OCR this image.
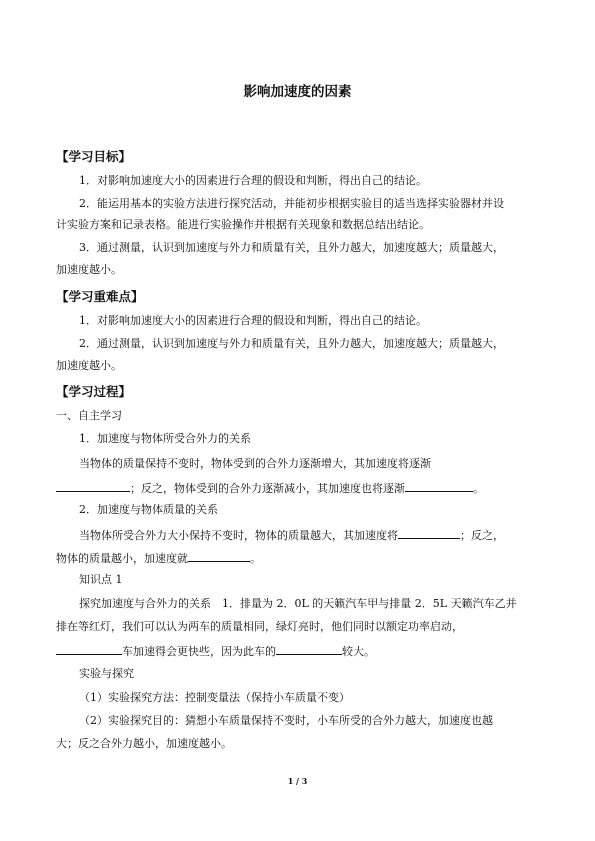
影响加速度的因素
【学习目标】
1．对影响加速度大小的因素进行合理的假设和判断，得出自己的结论。
2．能运用基本的实验方法进行探究活动，并能初步根据实验目的适当选择实验器材并设
计实验方案和记录表格。能进行实验操作并根据有关现象和数据总结出结论。
3．通过测量，认识到加速度与外力和质量有关，且外力越大，加速度越大；质量越大，
加速度越小。
【学习重难点】
1．对影响加速度大小的因素进行合理的假设和判断，得出自己的结论。
2．通过测量，认识到加速度与外力和质量有关，且外力越大，加速度越大；质量越大，
加速度越小。
【学习过程】
一、自主学习
1．加速度与物体所受合外力的关系
当物体的质量保持不变时，物体受到的合外力逐渐增大，其加速度将逐渐
；反之，物体受到的合外力逐渐减小，其加速度也将逐渐	。
2．加速度与物体质量的关系
当物体所受合外力大小保持不变时，物体的质量越大，其加速度将	；反之，
物体的质量越小，加速度就	。
知识点 1
探究加速度与合外力的关系　1．排量为 2．0L 的天籁汽车甲与排量 2．5L 天籁汽车乙并
排在等红灯，我们可以认为两车的质量相同，绿灯亮时，他们同时以额定功率启动，
车加速得会更快些，因为此车的	较大。
实验与探究
（1）实验探究方法：控制变量法（保持小车质量不变）
（2）实验探究目的：猜想小车质量保持不变时，小车所受的合外力越大，加速度也越
大；反之合外力越小，加速度越小。
1 / 3
